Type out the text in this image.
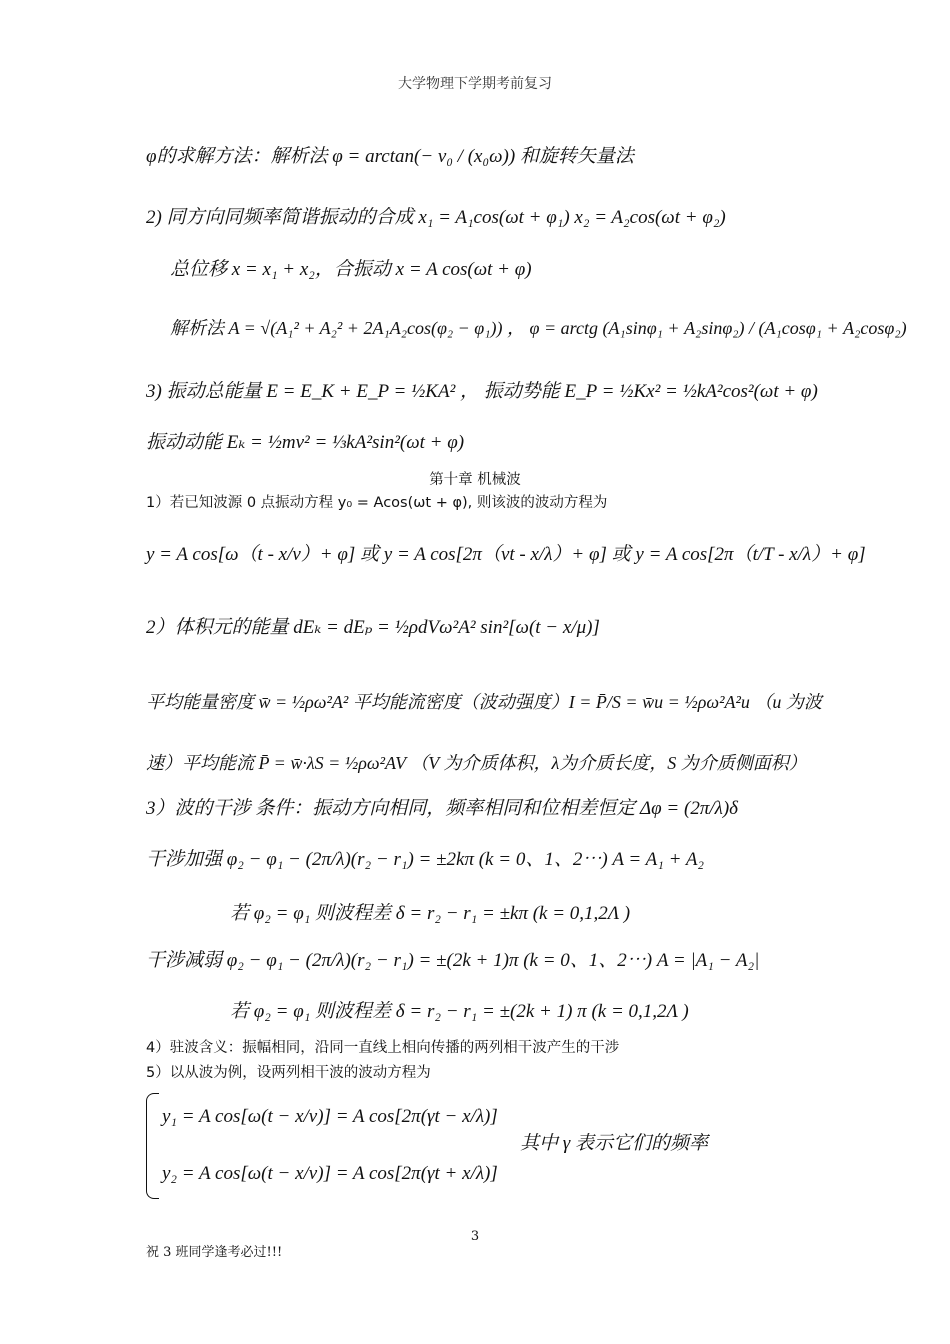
大学物理下学期考前复习
φ的求解方法：解析法 φ = arctan(− v₀ / (x₀ω)) 和旋转矢量法
2) 同方向同频率简谐振动的合成 x₁ = A₁cos(ωt + φ₁) x₂ = A₂cos(ωt + φ₂)
总位移 x = x₁ + x₂，合振动 x = A cos(ωt + φ)
解析法 A = √(A₁² + A₂² + 2A₁A₂cos(φ₂ − φ₁)) ， φ = arctg (A₁sinφ₁ + A₂sinφ₂) / (A₁cosφ₁ + A₂cosφ₂)
3) 振动总能量 E = E_K + E_P = ½KA² ， 振动势能 E_P = ½Kx² = ½kA²cos²(ωt + φ)
振动动能 Eₖ = ½mv² = ⅓kA²sin²(ωt + φ)
第十章 机械波
1）若已知波源 0 点振动方程 y₀ = Acos(ωt + φ), 则该波的波动方程为
y = A cos[ω（t - x/v）+ φ] 或 y = A cos[2π（vt - x/λ）+ φ] 或 y = A cos[2π（t/T - x/λ）+ φ]
2）体积元的能量 dEₖ = dEₚ = ½ρdVω²A² sin²[ω(t − x/μ)]
平均能量密度 w̄ = ½ρω²A² 平均能流密度（波动强度）I = P̄/S = w̄u = ½ρω²A²u （u 为波
速）平均能流 P̄ = w̄·λS = ½ρω²AV （V 为介质体积，λ为介质长度，S 为介质侧面积）
3）波的干涉 条件：振动方向相同，频率相同和位相差恒定 Δφ = (2π/λ)δ
干涉加强 φ₂ − φ₁ − (2π/λ)(r₂ − r₁) = ±2kπ (k = 0、1、2⋯) A = A₁ + A₂
若 φ₂ = φ₁ 则波程差 δ = r₂ − r₁ = ±kπ (k = 0,1,2Λ )
干涉减弱 φ₂ − φ₁ − (2π/λ)(r₂ − r₁) = ±(2k + 1)π (k = 0、1、2⋯) A = |A₁ − A₂|
若 φ₂ = φ₁ 则波程差 δ = r₂ − r₁ = ±(2k + 1) π (k = 0,1,2Λ )
4）驻波含义：振幅相同，沿同一直线上相向传播的两列相干波产生的干涉
5）以从波为例，设两列相干波的波动方程为
y₁ = A cos[ω(t − x/v)] = A cos[2π(γt − x/λ)]
y₂ = A cos[ω(t − x/v)] = A cos[2π(γt + x/λ)]
其中 γ 表示它们的频率
3
祝 3 班同学逢考必过!!!
